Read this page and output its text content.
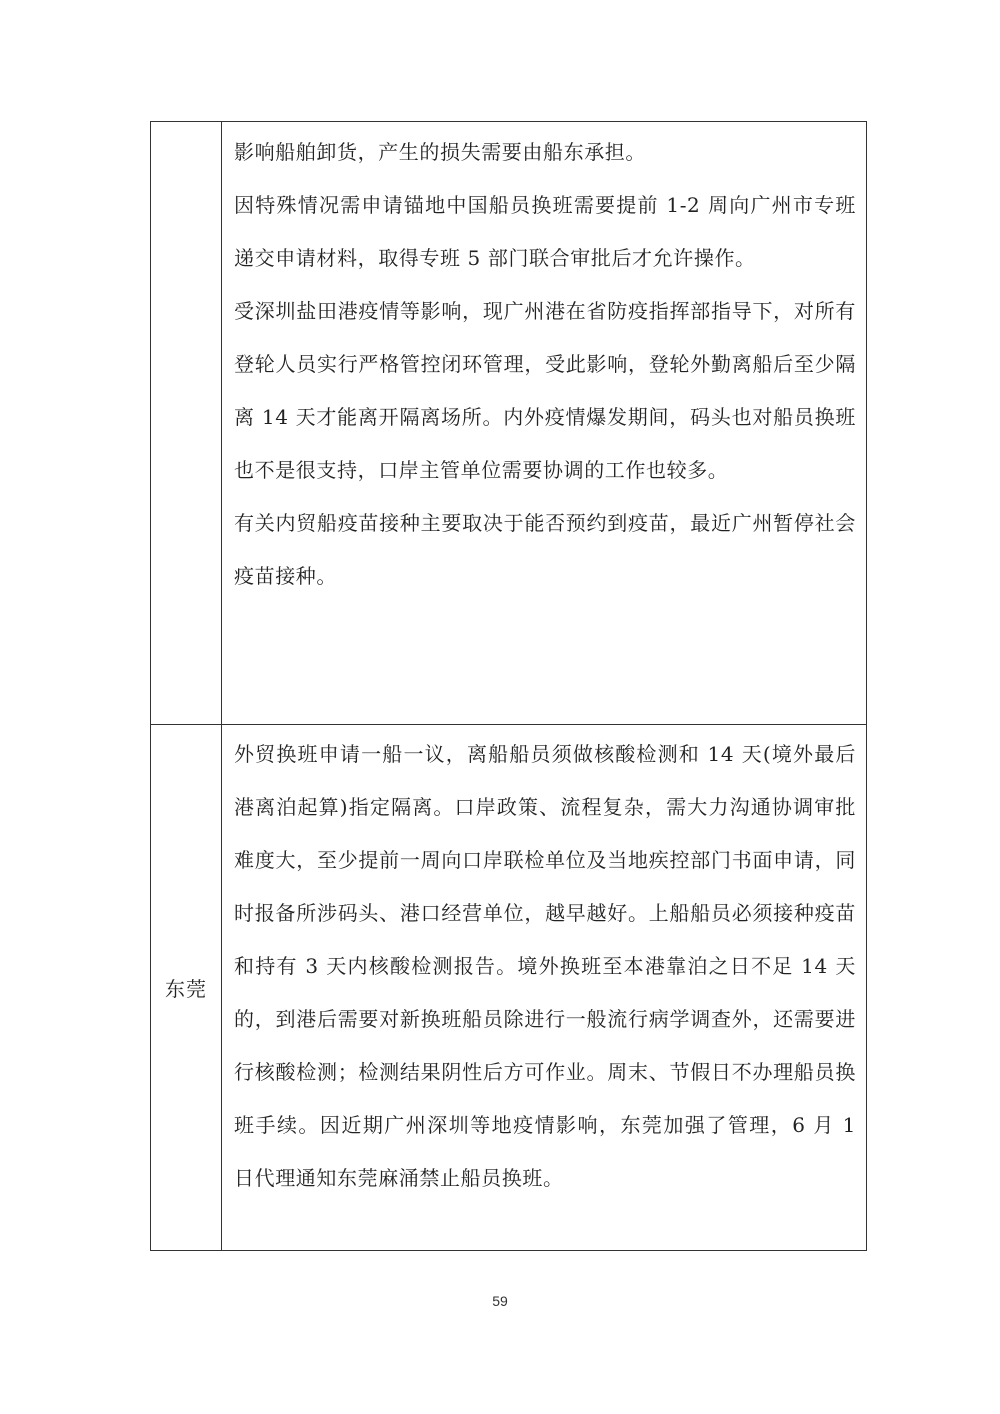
	影响船舶卸货，产生的损失需要由船东承担。

因特殊情况需申请锚地中国船员换班需要提前 1-2 周向广州市专班递交申请材料，取得专班 5 部门联合审批后才允许操作。

受深圳盐田港疫情等影响，现广州港在省防疫指挥部指导下，对所有登轮人员实行严格管控闭环管理，受此影响，登轮外勤离船后至少隔离 14 天才能离开隔离场所。内外疫情爆发期间，码头也对船员换班也不是很支持，口岸主管单位需要协调的工作也较多。

有关内贸船疫苗接种主要取决于能否预约到疫苗，最近广州暂停社会疫苗接种。

东莞	外贸换班申请一船一议，离船船员须做核酸检测和 14 天(境外最后港离泊起算)指定隔离。口岸政策、流程复杂，需大力沟通协调审批难度大，至少提前一周向口岸联检单位及当地疾控部门书面申请，同时报备所涉码头、港口经营单位，越早越好。上船船员必须接种疫苗和持有 3 天内核酸检测报告。境外换班至本港靠泊之日不足 14 天的，到港后需要对新换班船员除进行一般流行病学调查外，还需要进行核酸检测；检测结果阴性后方可作业。周末、节假日不办理船员换班手续。因近期广州深圳等地疫情影响，东莞加强了管理，6 月 1 日代理通知东莞麻涌禁止船员换班。

59
